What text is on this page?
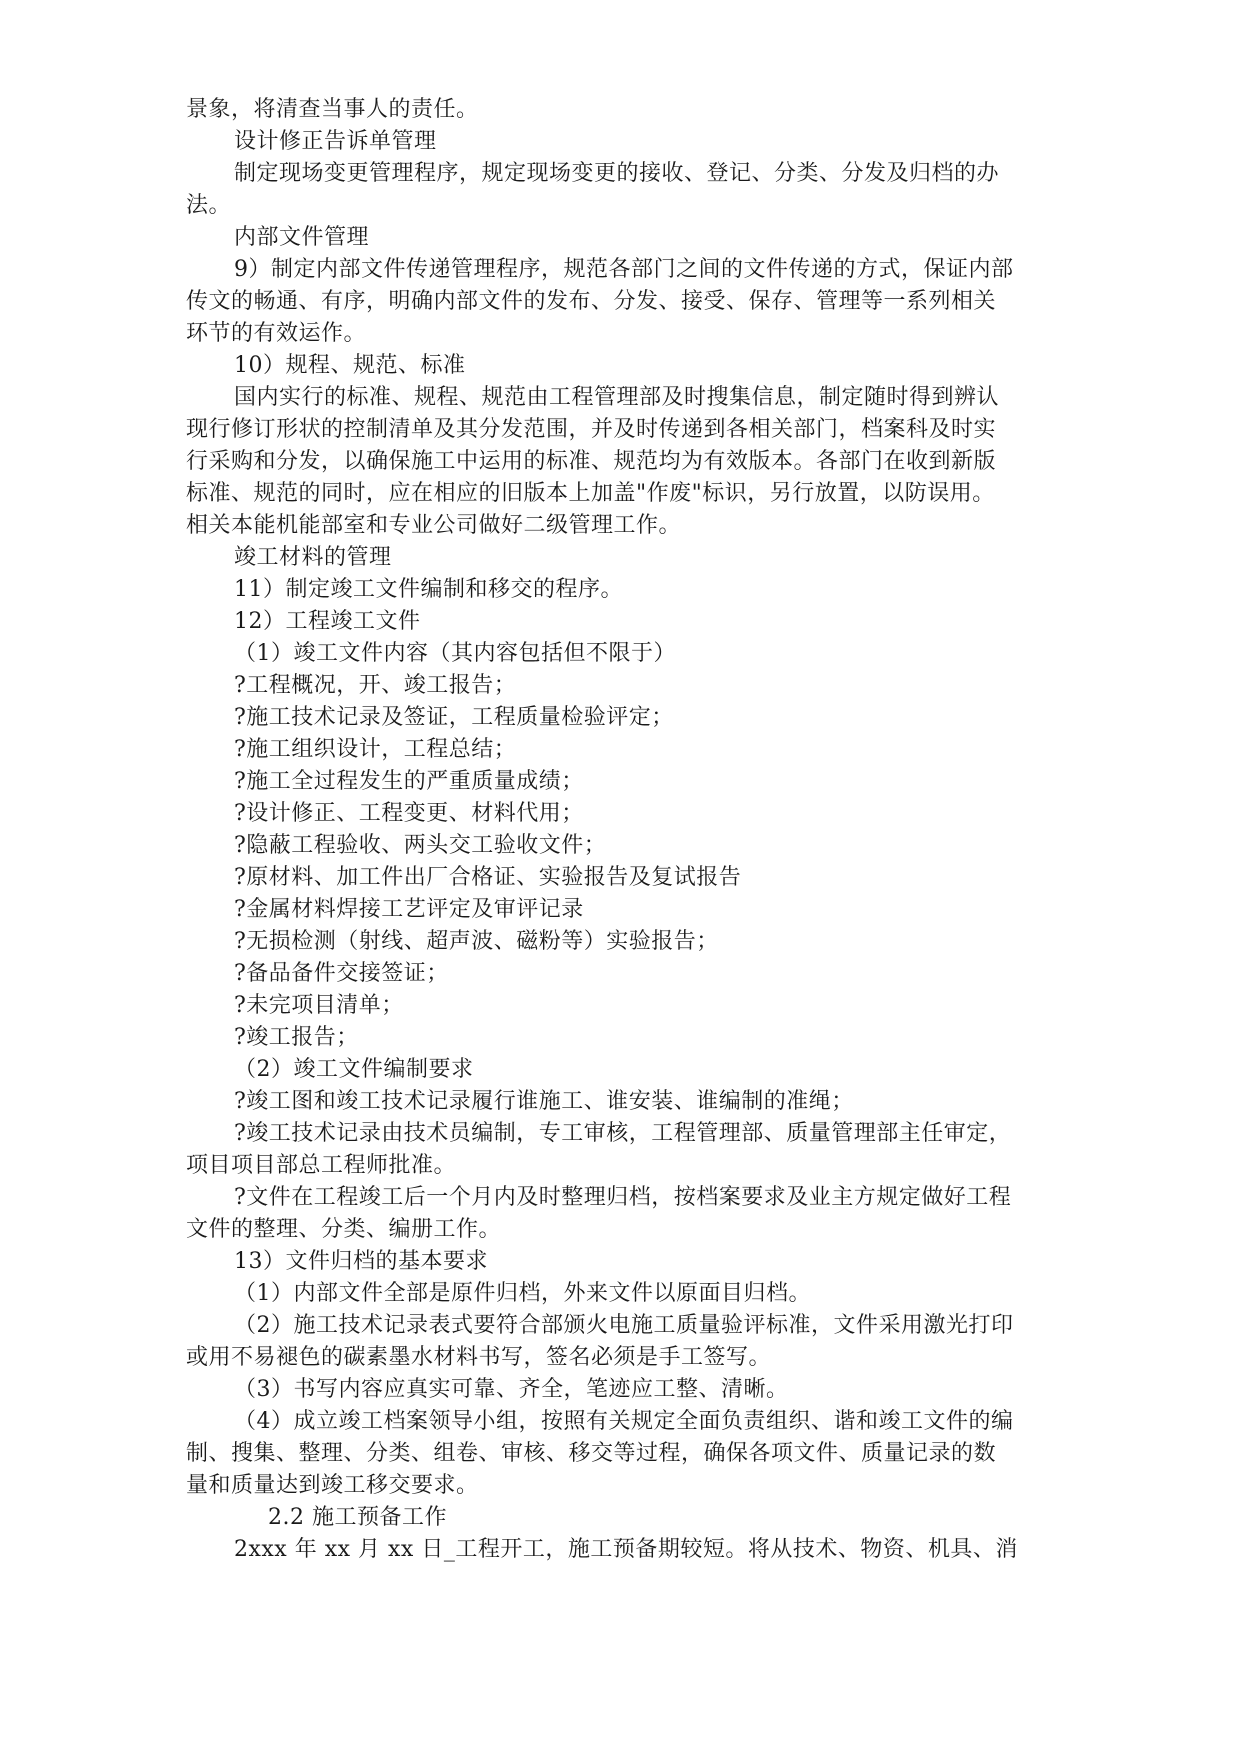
景象，将清查当事人的责任。
设计修正告诉单管理
制定现场变更管理程序，规定现场变更的接收、登记、分类、分发及归档的办
法。
内部文件管理
9）制定内部文件传递管理程序，规范各部门之间的文件传递的方式，保证内部
传文的畅通、有序，明确内部文件的发布、分发、接受、保存、管理等一系列相关
环节的有效运作。
10）规程、规范、标准
国内实行的标准、规程、规范由工程管理部及时搜集信息，制定随时得到辨认
现行修订形状的控制清单及其分发范围，并及时传递到各相关部门，档案科及时实
行采购和分发，以确保施工中运用的标准、规范均为有效版本。各部门在收到新版
标准、规范的同时，应在相应的旧版本上加盖"作废"标识，另行放置，以防误用。
相关本能机能部室和专业公司做好二级管理工作。
竣工材料的管理
11）制定竣工文件编制和移交的程序。
12）工程竣工文件
（1）竣工文件内容（其内容包括但不限于）
?工程概况，开、竣工报告；
?施工技术记录及签证，工程质量检验评定；
?施工组织设计，工程总结；
?施工全过程发生的严重质量成绩；
?设计修正、工程变更、材料代用；
?隐蔽工程验收、两头交工验收文件；
?原材料、加工件出厂合格证、实验报告及复试报告
?金属材料焊接工艺评定及审评记录
?无损检测（射线、超声波、磁粉等）实验报告；
?备品备件交接签证；
?未完项目清单；
?竣工报告；
（2）竣工文件编制要求
?竣工图和竣工技术记录履行谁施工、谁安装、谁编制的准绳；
?竣工技术记录由技术员编制，专工审核，工程管理部、质量管理部主任审定，
项目项目部总工程师批准。
?文件在工程竣工后一个月内及时整理归档，按档案要求及业主方规定做好工程
文件的整理、分类、编册工作。
13）文件归档的基本要求
（1）内部文件全部是原件归档，外来文件以原面目归档。
（2）施工技术记录表式要符合部颁火电施工质量验评标准，文件采用激光打印
或用不易褪色的碳素墨水材料书写，签名必须是手工签写。
（3）书写内容应真实可靠、齐全，笔迹应工整、清晰。
（4）成立竣工档案领导小组，按照有关规定全面负责组织、谐和竣工文件的编
制、搜集、整理、分类、组卷、审核、移交等过程，确保各项文件、质量记录的数
量和质量达到竣工移交要求。
2.2 施工预备工作
2xxx 年 xx 月 xx 日_工程开工，施工预备期较短。将从技术、物资、机具、消
